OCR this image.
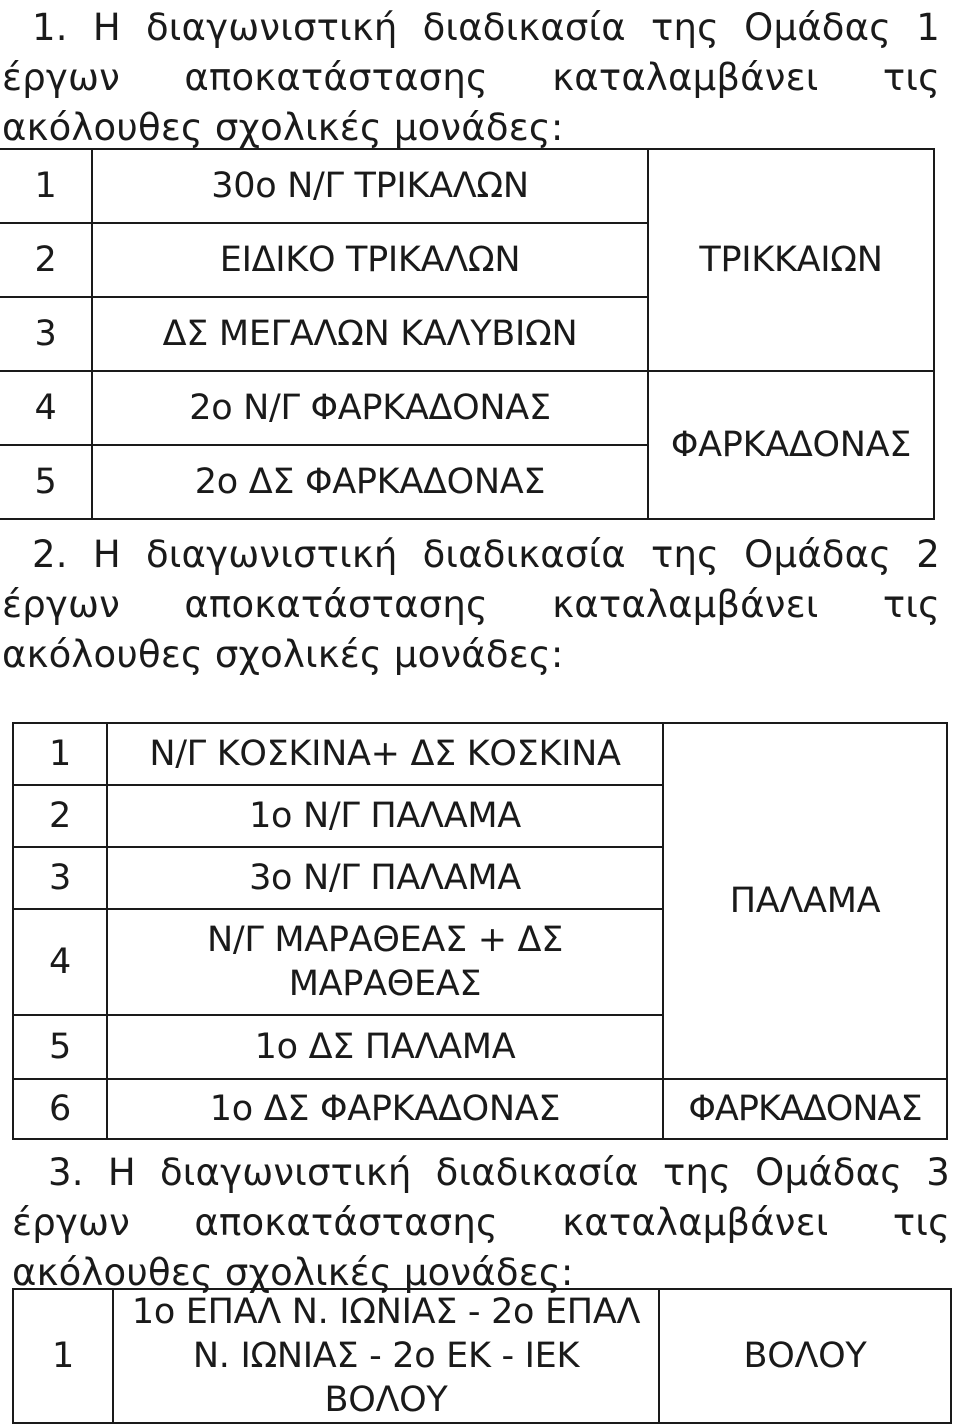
1. Η διαγωνιστική διαδικασία της Ομάδας 1 έργων αποκατάστασης καταλαμβάνει τις ακόλουθες σχολικές μονάδες:

1	30ο Ν/Γ ΤΡΙΚΑΛΩΝ	ΤΡΙΚΚΑΙΩΝ
2	ΕΙΔΙΚΟ ΤΡΙΚΑΛΩΝ	
3	ΔΣ ΜΕΓΑΛΩΝ ΚΑΛΥΒΙΩΝ	
4	2ο Ν/Γ ΦΑΡΚΑΔΟΝΑΣ	ΦΑΡΚΑΔΟΝΑΣ
5	2ο ΔΣ ΦΑΡΚΑΔΟΝΑΣ	

2. Η διαγωνιστική διαδικασία της Ομάδας 2 έργων αποκατάστασης καταλαμβάνει τις ακόλουθες σχολικές μονάδες:

1	Ν/Γ ΚΟΣΚΙΝΑ+ ΔΣ ΚΟΣΚΙΝΑ	ΠΑΛΑΜΑ
2	1ο Ν/Γ ΠΑΛΑΜΑ	
3	3ο Ν/Γ ΠΑΛΑΜΑ	
4	Ν/Γ ΜΑΡΑΘΕΑΣ + ΔΣ ΜΑΡΑΘΕΑΣ	
5	1ο ΔΣ ΠΑΛΑΜΑ	
6	1ο ΔΣ ΦΑΡΚΑΔΟΝΑΣ	ΦΑΡΚΑΔΟΝΑΣ

3. Η διαγωνιστική διαδικασία της Ομάδας 3 έργων αποκατάστασης καταλαμβάνει τις ακόλουθες σχολικές μονάδες:

1	1ο ΕΠΑΛ Ν. ΙΩΝΙΑΣ - 2ο ΕΠΑΛ Ν. ΙΩΝΙΑΣ - 2ο ΕΚ - ΙΕΚ ΒΟΛΟΥ	ΒΟΛΟΥ
